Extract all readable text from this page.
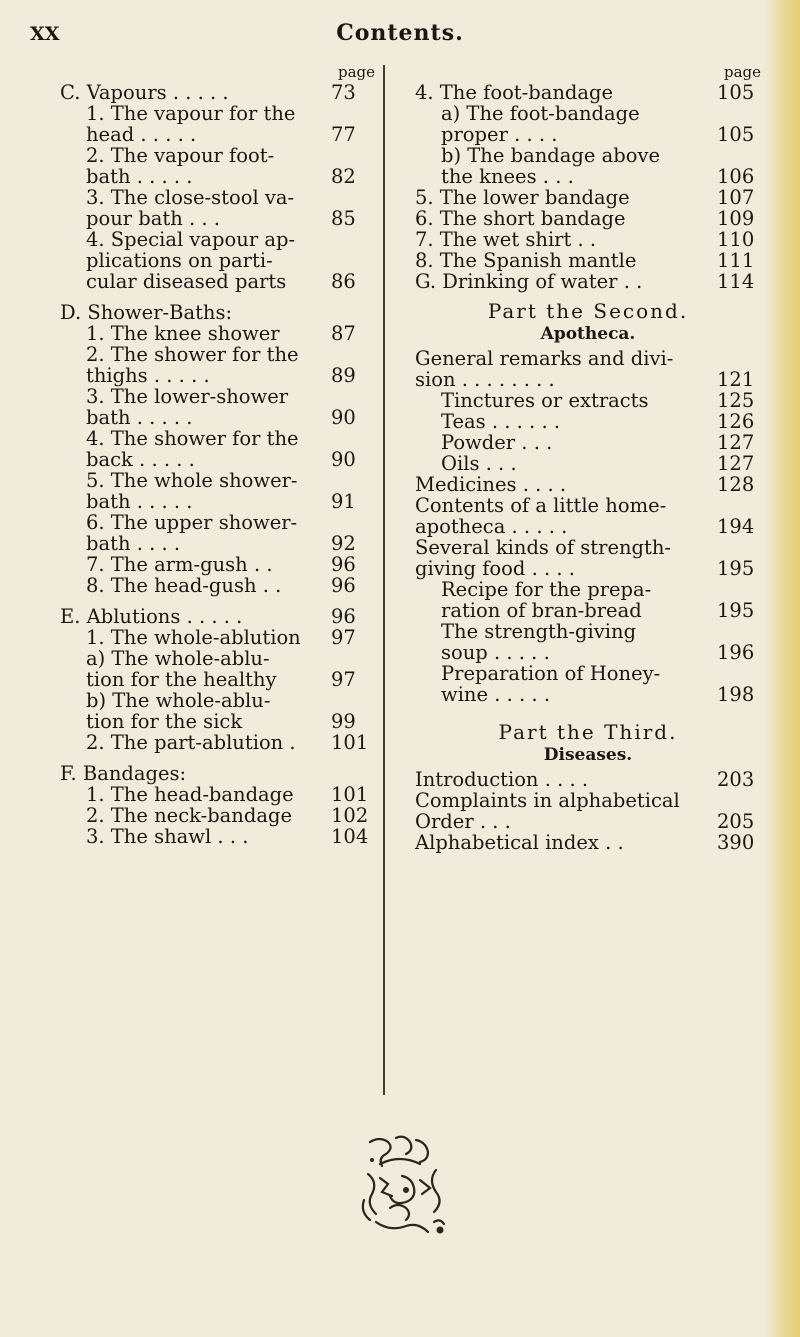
XX	Contents.
page
C. Vapours . . . . .	73
1. The vapour for the
head . . . . .	77
2. The vapour foot-
bath . . . . .	82
3. The close-stool va-
pour bath . . .	85
4. Special vapour ap-
plications on parti-
cular diseased parts	86
D. Shower-Baths:
1. The knee shower	87
2. The shower for the
thighs . . . . .	89
3. The lower-shower
bath . . . . .	90
4. The shower for the
back . . . . .	90
5. The whole shower-
bath . . . . .	91
6. The upper shower-
bath . . . .	92
7. The arm-gush . .	96
8. The head-gush . .	96
E. Ablutions . . . . .	96
1. The whole-ablution	97
a) The whole-ablu-
tion for the healthy	97
b) The whole-ablu-
tion for the sick	99
2. The part-ablution .	101
F. Bandages:
1. The head-bandage	101
2. The neck-bandage	102
3. The shawl . . .	104
page
4. The foot-bandage	105
a) The foot-bandage
proper . . . .	105
b) The bandage above
the knees . . .	106
5. The lower bandage	107
6. The short bandage	109
7. The wet shirt . .	110
8. The Spanish mantle	111
G. Drinking of water . .	114
Part the Second.
Apotheca.
General remarks and divi-
sion . . . . . . . .	121
Tinctures or extracts	125
Teas . . . . . .	126
Powder . . .	127
Oils . . .	127
Medicines . . . .	128
Contents of a little home-
apotheca . . . . .	194
Several kinds of strength-
giving food . . . .	195
Recipe for the prepa-
ration of bran-bread	195
The strength-giving
soup . . . . .	196
Preparation of Honey-
wine . . . . .	198
Part the Third.
Diseases.
Introduction . . . .	203
Complaints in alphabetical
Order . . .	205
Alphabetical index . .	390
